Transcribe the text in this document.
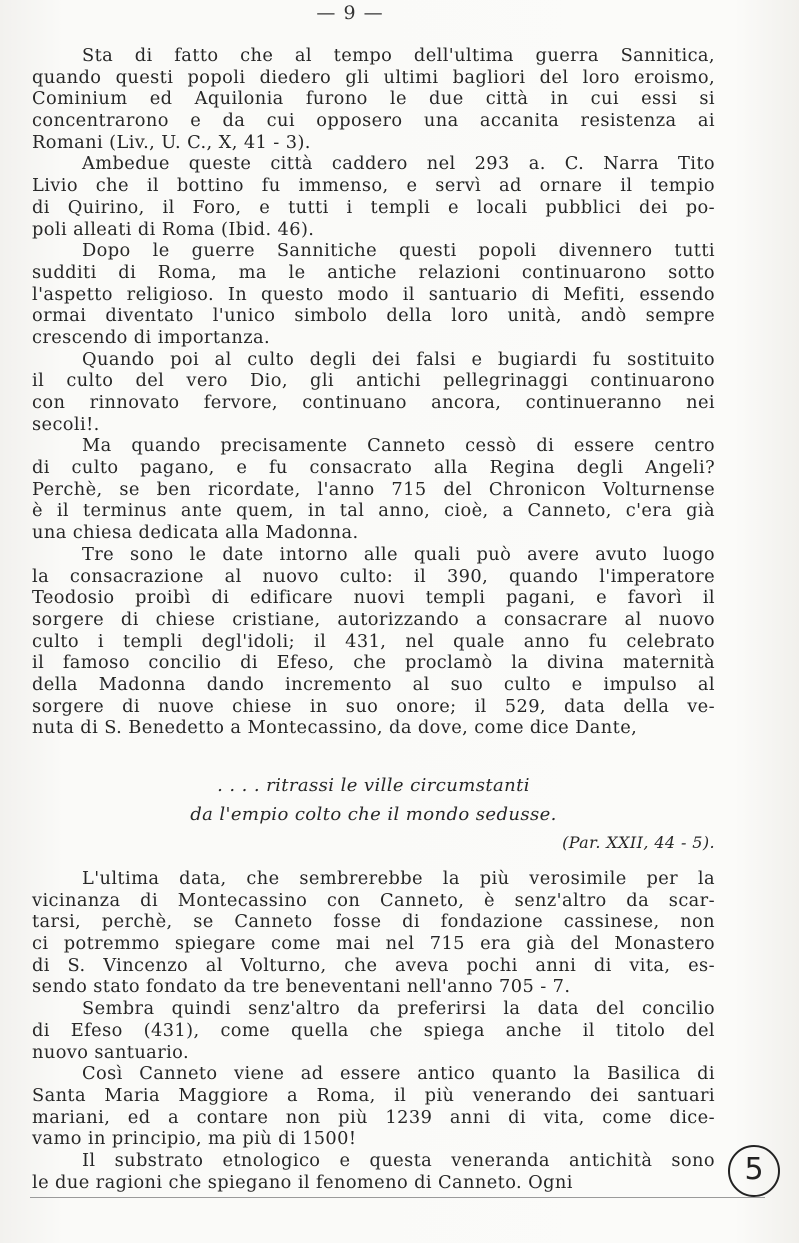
— 9 —
Sta di fatto che al tempo dell'ultima guerra Sannitica,
quando questi popoli diedero gli ultimi bagliori del loro eroismo,
Cominium ed Aquilonia furono le due città in cui essi si
concentrarono e da cui opposero una accanita resistenza ai
Romani (Liv., U. C., X, 41 - 3).
Ambedue queste città caddero nel 293 a. C. Narra Tito
Livio che il bottino fu immenso, e servì ad ornare il tempio
di Quirino, il Foro, e tutti i templi e locali pubblici dei po-
poli alleati di Roma (Ibid. 46).
Dopo le guerre Sannitiche questi popoli divennero tutti
sudditi di Roma, ma le antiche relazioni continuarono sotto
l'aspetto religioso. In questo modo il santuario di Mefiti, essendo
ormai diventato l'unico simbolo della loro unità, andò sempre
crescendo di importanza.
Quando poi al culto degli dei falsi e bugiardi fu sostituito
il culto del vero Dio, gli antichi pellegrinaggi continuarono
con rinnovato fervore, continuano ancora, continueranno nei
secoli!.
Ma quando precisamente Canneto cessò di essere centro
di culto pagano, e fu consacrato alla Regina degli Angeli?
Perchè, se ben ricordate, l'anno 715 del Chronicon Volturnense
è il terminus ante quem, in tal anno, cioè, a Canneto, c'era già
una chiesa dedicata alla Madonna.
Tre sono le date intorno alle quali può avere avuto luogo
la consacrazione al nuovo culto: il 390, quando l'imperatore
Teodosio proibì di edificare nuovi templi pagani, e favorì il
sorgere di chiese cristiane, autorizzando a consacrare al nuovo
culto i templi degl'idoli; il 431, nel quale anno fu celebrato
il famoso concilio di Efeso, che proclamò la divina maternità
della Madonna dando incremento al suo culto e impulso al
sorgere di nuove chiese in suo onore; il 529, data della ve-
nuta di S. Benedetto a Montecassino, da dove, come dice Dante,
. . . . ritrassi le ville circumstanti
da l'empio colto che il mondo sedusse.
(Par. XXII, 44 - 5).
L'ultima data, che sembrerebbe la più verosimile per la
vicinanza di Montecassino con Canneto, è senz'altro da scar-
tarsi, perchè, se Canneto fosse di fondazione cassinese, non
ci potremmo spiegare come mai nel 715 era già del Monastero
di S. Vincenzo al Volturno, che aveva pochi anni di vita, es-
sendo stato fondato da tre beneventani nell'anno 705 - 7.
Sembra quindi senz'altro da preferirsi la data del concilio
di Efeso (431), come quella che spiega anche il titolo del
nuovo santuario.
Così Canneto viene ad essere antico quanto la Basilica di
Santa Maria Maggiore a Roma, il più venerando dei santuari
mariani, ed a contare non più 1239 anni di vita, come dice-
vamo in principio, ma più di 1500!
Il substrato etnologico e questa veneranda antichità sono
le due ragioni che spiegano il fenomeno di Canneto. Ogni	5
